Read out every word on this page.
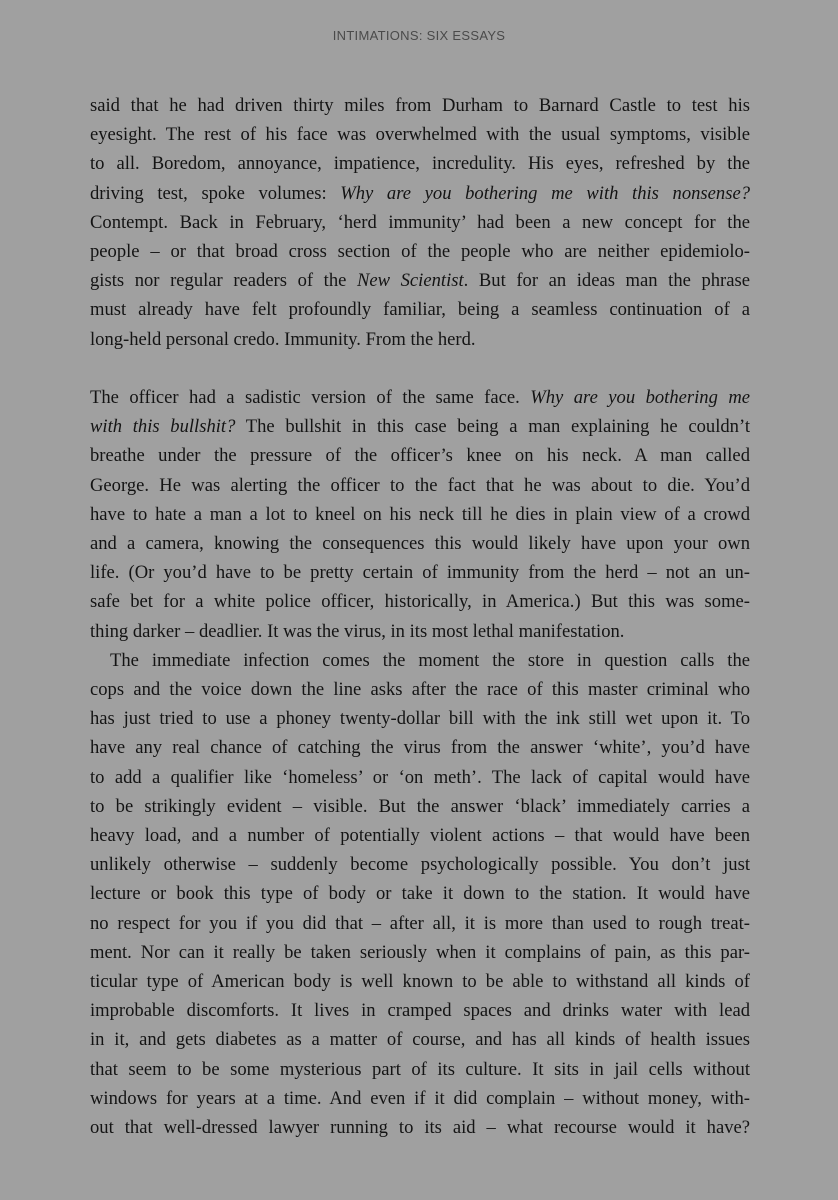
INTIMATIONS: SIX ESSAYS
said that he had driven thirty miles from Durham to Barnard Castle to test his
eyesight. The rest of his face was overwhelmed with the usual symptoms, visible
to all. Boredom, annoyance, impatience, incredulity. His eyes, refreshed by the
driving test, spoke volumes: Why are you bothering me with this nonsense?
Contempt. Back in February, ‘herd immunity’ had been a new concept for the
people – or that broad cross section of the people who are neither epidemiolo-
gists nor regular readers of the New Scientist. But for an ideas man the phrase
must already have felt profoundly familiar, being a seamless continuation of a
long-held personal credo. Immunity. From the herd.
The officer had a sadistic version of the same face. Why are you bothering me
with this bullshit? The bullshit in this case being a man explaining he couldn’t
breathe under the pressure of the officer’s knee on his neck. A man called
George. He was alerting the officer to the fact that he was about to die. You’d
have to hate a man a lot to kneel on his neck till he dies in plain view of a crowd
and a camera, knowing the consequences this would likely have upon your own
life. (Or you’d have to be pretty certain of immunity from the herd – not an un-
safe bet for a white police officer, historically, in America.) But this was some-
thing darker – deadlier. It was the virus, in its most lethal manifestation.
The immediate infection comes the moment the store in question calls the
cops and the voice down the line asks after the race of this master criminal who
has just tried to use a phoney twenty-dollar bill with the ink still wet upon it. To
have any real chance of catching the virus from the answer ‘white’, you’d have
to add a qualifier like ‘homeless’ or ‘on meth’. The lack of capital would have
to be strikingly evident – visible. But the answer ‘black’ immediately carries a
heavy load, and a number of potentially violent actions – that would have been
unlikely otherwise – suddenly become psychologically possible. You don’t just
lecture or book this type of body or take it down to the station. It would have
no respect for you if you did that – after all, it is more than used to rough treat-
ment. Nor can it really be taken seriously when it complains of pain, as this par-
ticular type of American body is well known to be able to withstand all kinds of
improbable discomforts. It lives in cramped spaces and drinks water with lead
in it, and gets diabetes as a matter of course, and has all kinds of health issues
that seem to be some mysterious part of its culture. It sits in jail cells without
windows for years at a time. And even if it did complain – without money, with-
out that well-dressed lawyer running to its aid – what recourse would it have?
